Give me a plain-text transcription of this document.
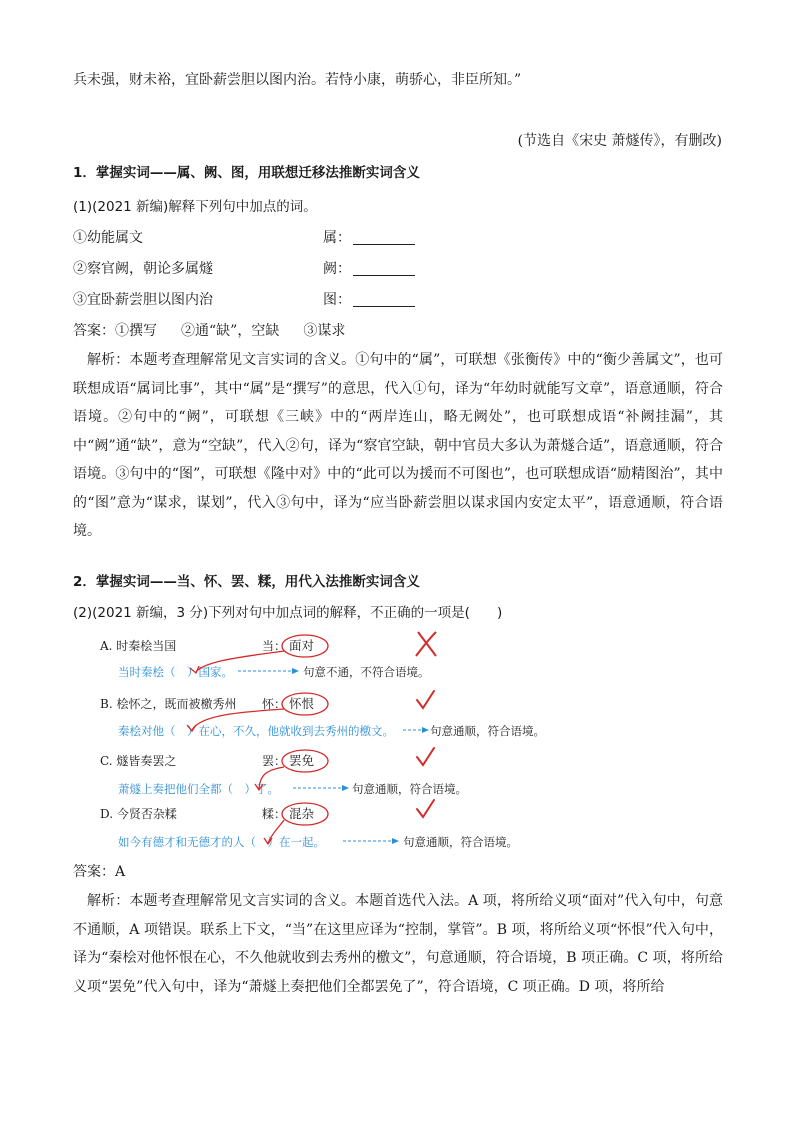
兵未强，财未裕，宜卧薪尝胆以图内治。若恃小康，萌骄心，非臣所知。”
(节选自《宋史 萧燧传》，有删改)
1．掌握实词——属、阙、图，用联想迁移法推断实词含义
(1)(2021 新编)解释下列句中加点的词。
①幼能属文	属：
②察官阙，朝论多属燧	阙：
③宜卧薪尝胆以图内治	图：
答案：①撰写 ②通“缺”，空缺 ③谋求
解析：本题考查理解常见文言实词的含义。①句中的“属”，可联想《张衡传》中的“衡少善属文”，也可联想成语“属词比事”，其中“属”是“撰写”的意思，代入①句，译为“年幼时就能写文章”，语意通顺，符合语境。②句中的“阙”，可联想《三峡》中的“两岸连山，略无阙处”，也可联想成语“补阙挂漏”，其中“阙”通“缺”，意为“空缺”，代入②句，译为“察官空缺，朝中官员大多认为萧燧合适”，语意通顺，符合语境。③句中的“图”，可联想《隆中对》中的“此可以为援而不可图也”，也可联想成语“励精图治”，其中的“图”意为“谋求，谋划”，代入③句中，译为“应当卧薪尝胆以谋求国内安定太平”，语意通顺，符合语境。
2．掌握实词——当、怀、罢、糅，用代入法推断实词含义
(2)(2021 新编，3 分)下列对句中加点词的解释，不正确的一项是(　　)
A. 时秦桧当国	当： 面对
当时秦桧（　）国家。	句意不通，不符合语境。
B. 桧怀之，既而被檄秀州 怀： 怀恨
秦桧对他（　）在心，不久，他就收到去秀州的檄文。	句意通顺，符合语境。
C. 燧皆奏罢之	罢： 罢免
萧燧上奏把他们全都（　）了。	句意通顺，符合语境。
D. 今贤否杂糅	糅： 混杂
如今有德才和无德才的人（　）在一起。	句意通顺，符合语境。
答案：A
解析：本题考查理解常见文言实词的含义。本题首选代入法。A 项，将所给义项“面对”代入句中，句意不通顺，A 项错误。联系上下文，“当”在这里应译为“控制，掌管”。B 项，将所给义项“怀恨”代入句中，译为“秦桧对他怀恨在心，不久他就收到去秀州的檄文”，句意通顺，符合语境，B 项正确。C 项，将所给义项“罢免”代入句中，译为“萧燧上奏把他们全都罢免了”，符合语境，C 项正确。D 项，将所给
